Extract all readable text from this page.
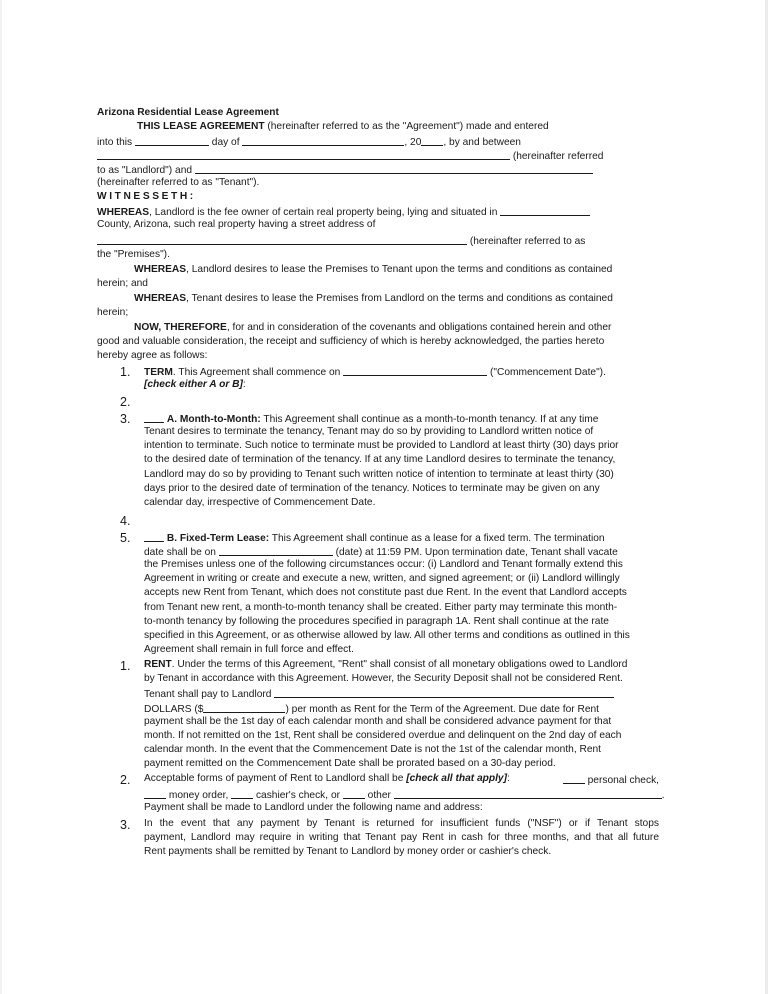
Arizona Residential Lease Agreement
THIS LEASE AGREEMENT (hereinafter referred to as the "Agreement") made and entered
into this	day of	, 20 , by and between
(hereinafter referred
to as "Landlord") and
(hereinafter referred to as "Tenant").
WITNESSETH:
WHEREAS, Landlord is the fee owner of certain real property being, lying and situated in
County, Arizona, such real property having a street address of
(hereinafter referred to as
the "Premises").
WHEREAS, Landlord desires to lease the Premises to Tenant upon the terms and conditions as contained
herein; and
WHEREAS, Tenant desires to lease the Premises from Landlord on the terms and conditions as contained
herein;
NOW, THEREFORE, for and in consideration of the covenants and obligations contained herein and other
good and valuable consideration, the receipt and sufficiency of which is hereby acknowledged, the parties hereto
hereby agree as follows:
1. TERM. This Agreement shall commence on	("Commencement Date").
[check either A or B]:
2.
3.	A. Month-to-Month: This Agreement shall continue as a month-to-month tenancy. If at any time
Tenant desires to terminate the tenancy, Tenant may do so by providing to Landlord written notice of
intention to terminate. Such notice to terminate must be provided to Landlord at least thirty (30) days prior
to the desired date of termination of the tenancy. If at any time Landlord desires to terminate the tenancy,
Landlord may do so by providing to Tenant such written notice of intention to terminate at least thirty (30)
days prior to the desired date of termination of the tenancy. Notices to terminate may be given on any
calendar day, irrespective of Commencement Date.
4.
5.	B. Fixed-Term Lease: This Agreement shall continue as a lease for a fixed term. The termination
date shall be on	(date) at 11:59 PM. Upon termination date, Tenant shall vacate
the Premises unless one of the following circumstances occur: (i) Landlord and Tenant formally extend this
Agreement in writing or create and execute a new, written, and signed agreement; or (ii) Landlord willingly
accepts new Rent from Tenant, which does not constitute past due Rent. In the event that Landlord accepts
from Tenant new rent, a month-to-month tenancy shall be created. Either party may terminate this month-
to-month tenancy by following the procedures specified in paragraph 1A. Rent shall continue at the rate
specified in this Agreement, or as otherwise allowed by law. All other terms and conditions as outlined in this
Agreement shall remain in full force and effect.
1. RENT. Under the terms of this Agreement, "Rent" shall consist of all monetary obligations owed to Landlord
by Tenant in accordance with this Agreement. However, the Security Deposit shall not be considered Rent.
Tenant shall pay to Landlord
DOLLARS ($	) per month as Rent for the Term of the Agreement. Due date for Rent
payment shall be the 1st day of each calendar month and shall be considered advance payment for that
month. If not remitted on the 1st, Rent shall be considered overdue and delinquent on the 2nd day of each
calendar month. In the event that the Commencement Date is not the 1st of the calendar month, Rent
payment remitted on the Commencement Date shall be prorated based on a 30-day period.
2. Acceptable forms of payment of Rent to Landlord shall be [check all that apply]:	personal check,
money order,  cashier's check, or  other	.
Payment shall be made to Landlord under the following name and address:
3. In the event that any payment by Tenant is returned for insufficient funds ("NSF") or if Tenant stops
payment, Landlord may require in writing that Tenant pay Rent in cash for three months, and that all future
Rent payments shall be remitted by Tenant to Landlord by money order or cashier's check.
